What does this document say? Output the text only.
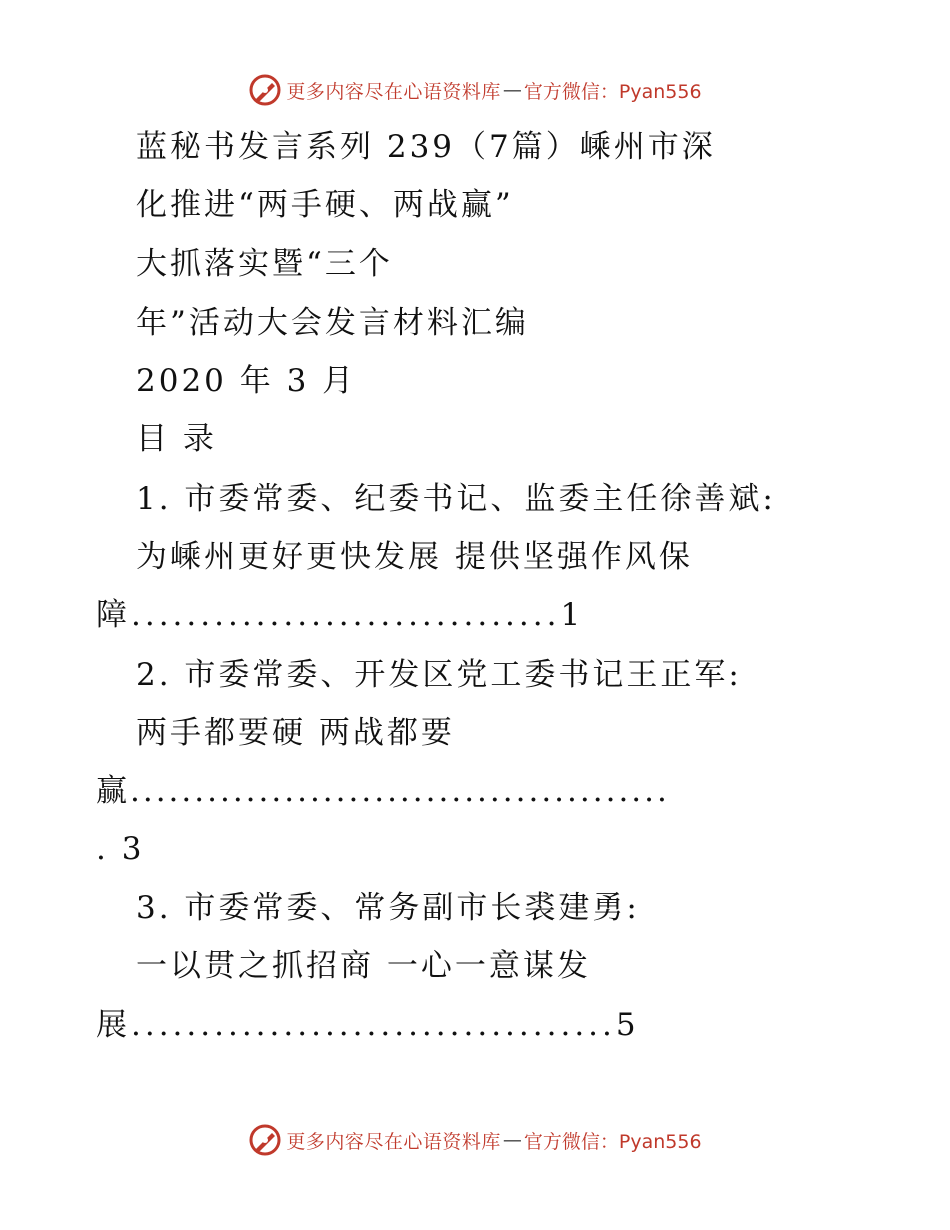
更多内容尽在心语资料库 — 官方微信：Pyan556
蓝秘书发言系列 239（7篇）嵊州市深
化推进“两手硬、两战赢”
大抓落实暨“三个
年”活动大会发言材料汇编
2020 年 3 月
目 录
1. 市委常委、纪委书记、监委主任徐善斌:
为嵊州更好更快发展 提供坚强作风保
障...............................1
2. 市委常委、开发区党工委书记王正军:
两手都要硬 两战都要
赢..........................................
. 3
3. 市委常委、常务副市长裘建勇:
一以贯之抓招商 一心一意谋发
展...................................5
更多内容尽在心语资料库 — 官方微信：Pyan556
